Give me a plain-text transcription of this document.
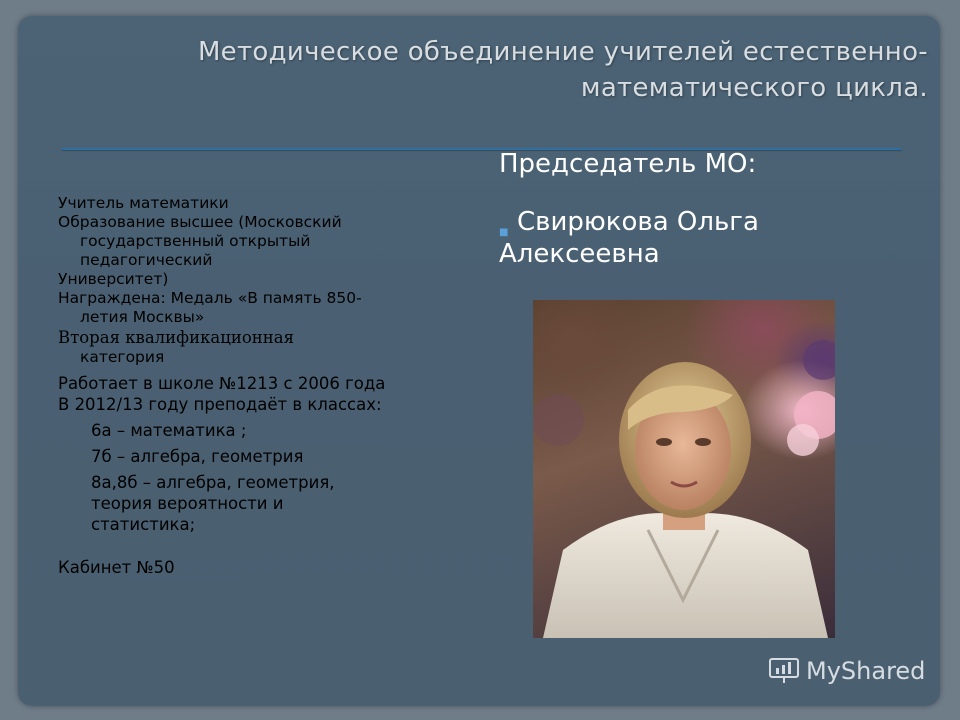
Методическое объединение учителей естественно-
математического цикла.
Учитель математики
Образование высшее (Московский
государственный открытый
педагогический
Университет)
Награждена: Медаль «В память 850-
летия Москвы»
Вторая квалификационная
категория
Работает в школе №1213 с 2006 года
В 2012/13 году преподаёт в классах:
6а – математика ;
7б – алгебра, геометрия
8а,8б – алгебра, геометрия,
теория вероятности и
статистика;
Кабинет №50
Председатель МО:
■ Свирюкова Ольга
Алексеевна
MyShared
